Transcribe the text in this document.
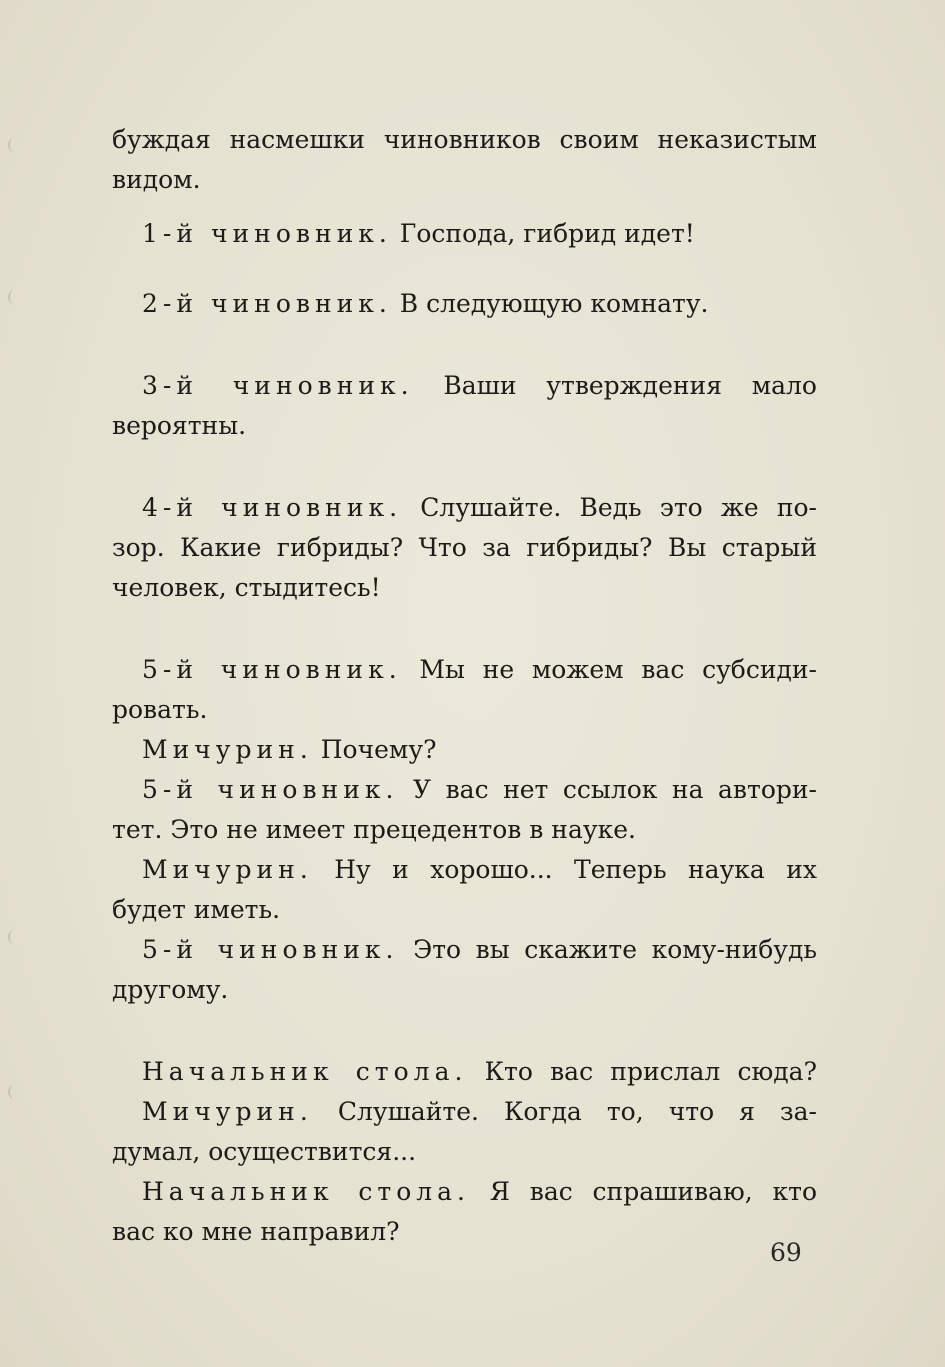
буждая насмешки чиновников своим неказистым
видом.
1-й чиновник. Господа, гибрид идет!
2-й чиновник. В следующую комнату.
3-й чиновник. Ваши утверждения мало
вероятны.
4-й чиновник. Слушайте. Ведь это же по-
зор. Какие гибриды? Что за гибриды? Вы старый
человек, стыдитесь!
5-й чиновник. Мы не можем вас субсиди-
ровать.
Мичурин. Почему?
5-й чиновник. У вас нет ссылок на автори-
тет. Это не имеет прецедентов в науке.
Мичурин. Ну и хорошо... Теперь наука их
будет иметь.
5-й чиновник. Это вы скажите кому-нибудь
другому.
Начальник стола. Кто вас прислал сюда?
Мичурин. Слушайте. Когда то, что я за-
думал, осуществится...
Начальник стола. Я вас спрашиваю, кто
вас ко мне направил?
69
